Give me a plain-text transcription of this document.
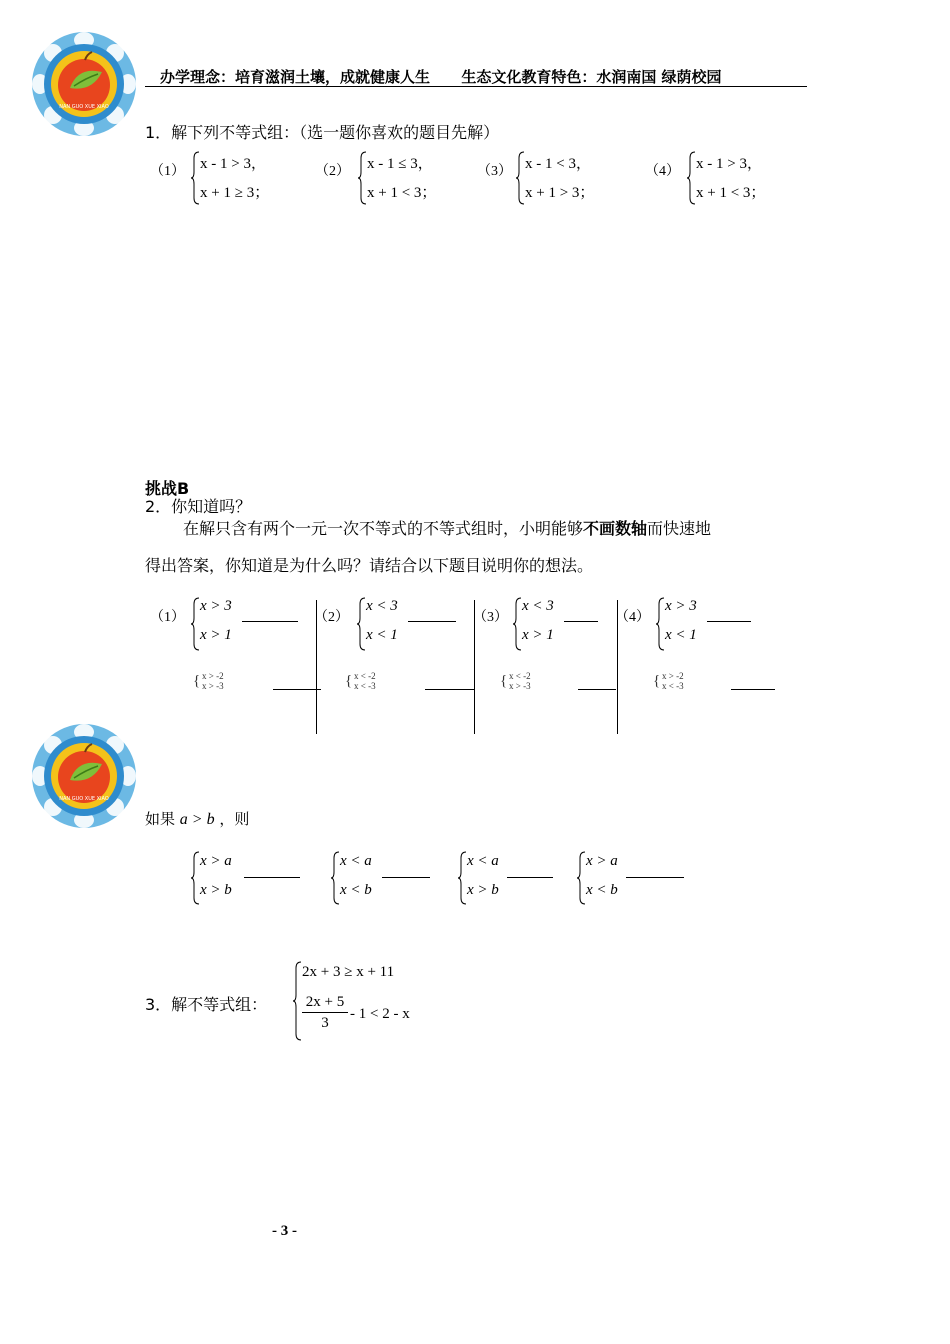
NAN GUO XUE XIAO
办学理念：培育滋润土壤，成就健康人生      生态文化教育特色：水润南国 绿荫校园
1．解下列不等式组：（选一题你喜欢的题目先解）
（1） x - 1 > 3，
x + 1 ≥ 3；
（2） x - 1 ≤ 3，
x + 1 < 3；
（3） x - 1 < 3，
x + 1 > 3；
（4） x - 1 > 3，
x + 1 < 3；
挑战B
2．你知道吗？
在解只含有两个一元一次不等式的不等式组时，小明能够不画数轴而快速地
得出答案，你知道是为什么吗？请结合以下题目说明你的想法。
（1）
x > 3
x > 1
（2）
x < 3
x < 1
（3）
x < 3
x > 1
（4）
x > 3
x < 1
{ x > -2
x > -3	{ x < -2
x < -3	{ x < -2
x > -3	{ x > -2
x < -3
NAN GUO XUE XIAO
如果 a > b ，则
x > a
x > b
x < a
x < b
x < a
x > b
x > a
x < b
3．解不等式组：
2x + 3 ≥ x + 11
2x + 5
3
- 1 < 2 - x
- 3 -
